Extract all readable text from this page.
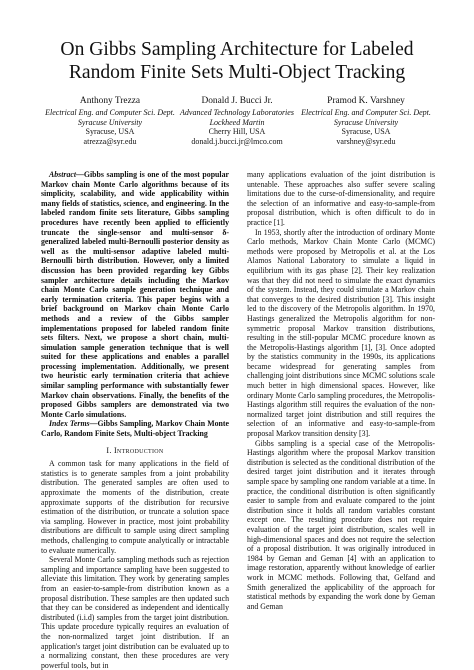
On Gibbs Sampling Architecture for Labeled
Random Finite Sets Multi-Object Tracking
Anthony Trezza
Electrical Eng. and Computer Sci. Dept.
Syracuse University
Syracuse, USA
atrezza@syr.edu
Donald J. Bucci Jr.
Advanced Technology Laboratories
Lockheed Martin
Cherry Hill, USA
donald.j.bucci.jr@lmco.com
Pramod K. Varshney
Electrical Eng. and Computer Sci. Dept.
Syracuse University
Syracuse, USA
varshney@syr.edu

Abstract—Gibbs sampling is one of the most popular Markov chain Monte Carlo algorithms because of its simplicity, scalability, and wide applicability within many fields of statistics, science, and engineering. In the labeled random finite sets literature, Gibbs sampling procedures have recently been applied to efficiently truncate the single-sensor and multi-sensor δ-generalized labeled multi-Bernoulli posterior density as well as the multi-sensor adaptive labeled multi-Bernoulli birth distribution. However, only a limited discussion has been provided regarding key Gibbs sampler architecture details including the Markov chain Monte Carlo sample generation technique and early termination criteria. This paper begins with a brief background on Markov chain Monte Carlo methods and a review of the Gibbs sampler implementations proposed for labeled random finite sets filters. Next, we propose a short chain, multi-simulation sample generation technique that is well suited for these applications and enables a parallel processing implementation. Additionally, we present two heuristic early termination criteria that achieve similar sampling performance with substantially fewer Markov chain observations. Finally, the benefits of the proposed Gibbs samplers are demonstrated via two Monte Carlo simulations.

Index Terms—Gibbs Sampling, Markov Chain Monte Carlo, Random Finite Sets, Multi-object Tracking

I. Introduction

A common task for many applications in the field of statistics is to generate samples from a joint probability distribution. The generated samples are often used to approximate the moments of the distribution, create approximate supports of the distribution for recursive estimation of the distribution, or truncate a solution space via sampling. However in practice, most joint probability distributions are difficult to sample using direct sampling methods, challenging to compute analytically or intractable to evaluate numerically.

Several Monte Carlo sampling methods such as rejection sampling and importance sampling have been suggested to alleviate this limitation. They work by generating samples from an easier-to-sample-from distribution known as a proposal distribution. These samples are then updated such that they can be considered as independent and identically distributed (i.i.d) samples from the target joint distribution. This update procedure typically requires an evaluation of the non-normalized target joint distribution. If an application's target joint distribution can be evaluated up to a normalizing constant, then these procedures are very powerful tools, but in

many applications evaluation of the joint distribution is untenable. These approaches also suffer severe scaling limitations due to the curse-of-dimensionality, and require the selection of an informative and easy-to-sample-from proposal distribution, which is often difficult to do in practice [1].

In 1953, shortly after the introduction of ordinary Monte Carlo methods, Markov Chain Monte Carlo (MCMC) methods were proposed by Metropolis et al. at the Los Alamos National Laboratory to simulate a liquid in equilibrium with its gas phase [2]. Their key realization was that they did not need to simulate the exact dynamics of the system. Instead, they could simulate a Markov chain that converges to the desired distribution [3]. This insight led to the discovery of the Metropolis algorithm. In 1970, Hastings generalized the Metropolis algorithm for non-symmetric proposal Markov transition distributions, resulting in the still-popular MCMC procedure known as the Metropolis-Hastings algorithm [1], [3]. Once adopted by the statistics community in the 1990s, its applications became widespread for generating samples from challenging joint distributions since MCMC solutions scale much better in high dimensional spaces. However, like ordinary Monte Carlo sampling procedures, the Metropolis-Hastings algorithm still requires the evaluation of the non-normalized target joint distribution and still requires the selection of an informative and easy-to-sample-from proposal Markov transition density [3].

Gibbs sampling is a special case of the Metropolis-Hastings algorithm where the proposal Markov transition distribution is selected as the conditional distribution of the desired target joint distribution and it iterates through sample space by sampling one random variable at a time. In practice, the conditional distribution is often significantly easier to sample from and evaluate compared to the joint distribution since it holds all random variables constant except one. The resulting procedure does not require evaluation of the target joint distribution, scales well in high-dimensional spaces and does not require the selection of a proposal distribution. It was originally introduced in 1984 by Geman and Geman [4] with an application to image restoration, apparently without knowledge of earlier work in MCMC methods. Following that, Gelfand and Smith generalized the applicability of the approach for statistical methods by expanding the work done by Geman and Geman
